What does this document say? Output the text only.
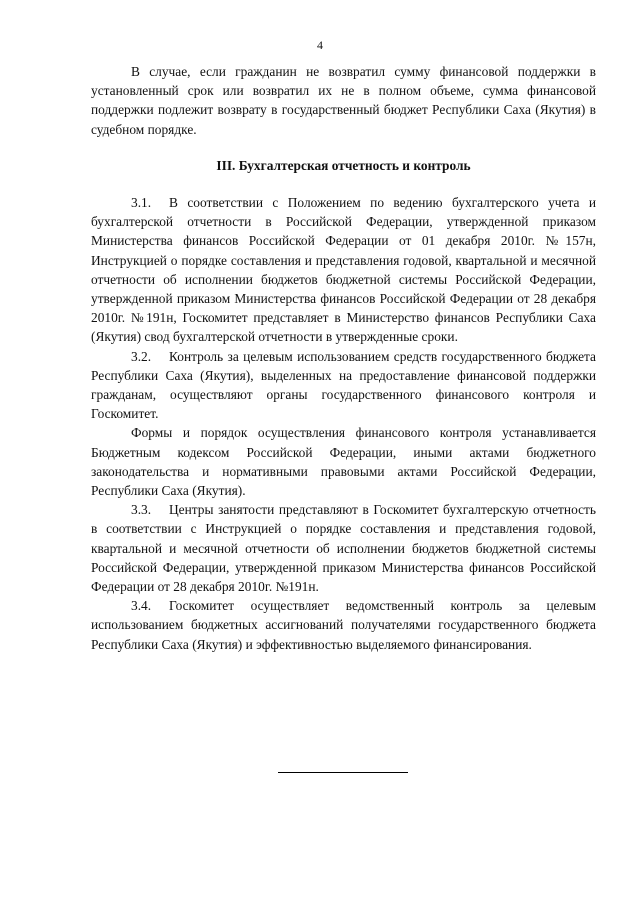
4

В случае, если гражданин не возвратил сумму финансовой поддержки в установленный срок или возвратил их не в полном объеме, сумма финансовой поддержки подлежит возврату в государственный бюджет Республики Саха (Якутия) в судебном порядке.

III. Бухгалтерская отчетность и контроль

3.1. В соответствии с Положением по ведению бухгалтерского учета и бухгалтерской отчетности в Российской Федерации, утвержденной приказом Министерства финансов Российской Федерации от 01 декабря 2010г. №157н, Инструкцией о порядке составления и представления годовой, квартальной и месячной отчетности об исполнении бюджетов бюджетной системы Российской Федерации, утвержденной приказом Министерства финансов Российской Федерации от 28 декабря 2010г. №191н, Госкомитет представляет в Министерство финансов Республики Саха (Якутия) свод бухгалтерской отчетности в утвержденные сроки.

3.2. Контроль за целевым использованием средств государственного бюджета Республики Саха (Якутия), выделенных на предоставление финансовой поддержки гражданам, осуществляют органы государственного финансового контроля и Госкомитет.

Формы и порядок осуществления финансового контроля устанавливается Бюджетным кодексом Российской Федерации, иными актами бюджетного законодательства и нормативными правовыми актами Российской Федерации, Республики Саха (Якутия).

3.3. Центры занятости представляют в Госкомитет бухгалтерскую отчетность в соответствии с Инструкцией о порядке составления и представления годовой, квартальной и месячной отчетности об исполнении бюджетов бюджетной системы Российской Федерации, утвержденной приказом Министерства финансов Российской Федерации от 28 декабря 2010г. №191н.

3.4. Госкомитет осуществляет ведомственный контроль за целевым использованием бюджетных ассигнований получателями государственного бюджета Республики Саха (Якутия) и эффективностью выделяемого финансирования.
